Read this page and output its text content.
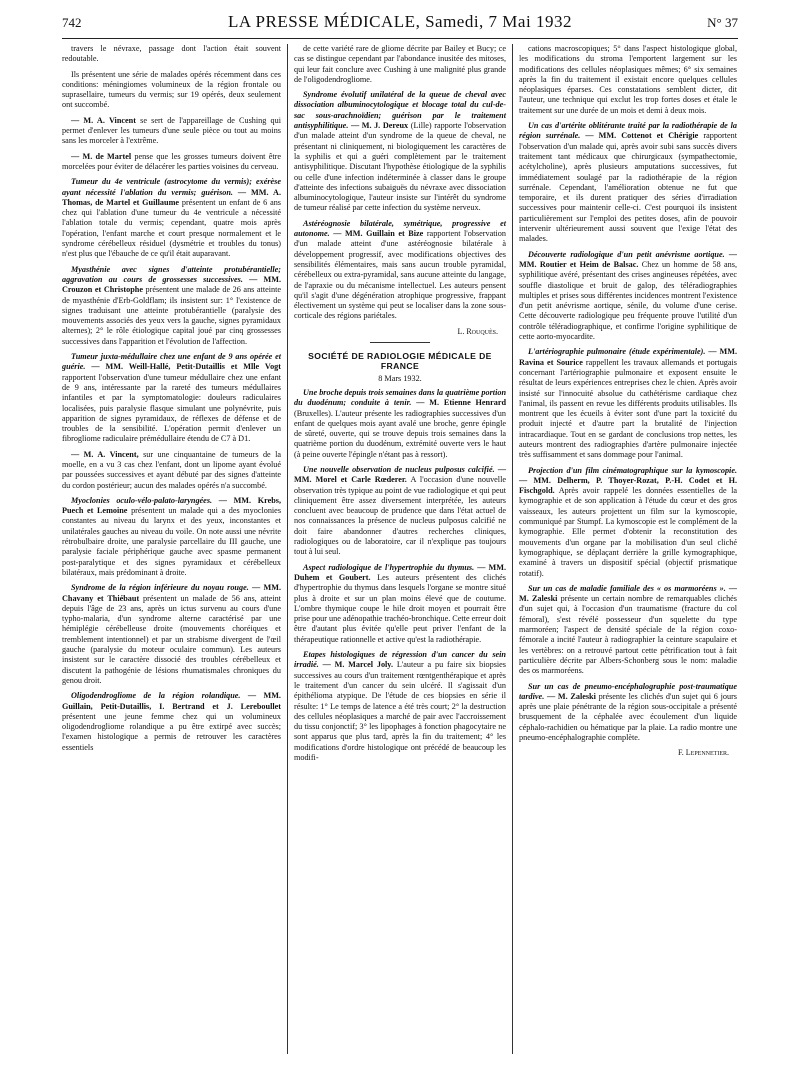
742	LA PRESSE MÉDICALE, Samedi, 7 Mai 1932	N° 37

travers le névraxe, passage dont l'action était souvent redoutable.

Ils présentent une série de malades opérés récemment dans ces conditions: méningiomes volumineux de la région frontale ou suprasellaire, tumeurs du vermis; sur 19 opérés, deux seulement ont succombé.

— M. A. Vincent se sert de l'appareillage de Cushing qui permet d'enlever les tumeurs d'une seule pièce ou tout au moins sans les morceler à l'extrême.

— M. de Martel pense que les grosses tumeurs doivent être morcelées pour éviter de délacérer les parties voisines du cerveau.

Tumeur du 4e ventricule (astrocytome du vermis); exérèse ayant nécessité l'ablation du vermis; guérison. — MM. A. Thomas, de Martel et Guillaume présentent un enfant de 6 ans chez qui l'ablation d'une tumeur du 4e ventricule a nécessité l'ablation totale du vermis; cependant, quatre mois après l'opération, l'enfant marche et court presque normalement et le syndrome cérébelleux résiduel (dysmétrie et troubles du tonus) n'est plus que l'ébauche de ce qu'il était auparavant.

Myasthénie avec signes d'atteinte protubérantielle; aggravation au cours de grossesses successives. — MM. Crouzon et Christophe présentent une malade de 26 ans atteinte de myasthénie d'Erb-Goldflam; ils insistent sur: 1° l'existence de signes traduisant une atteinte protubérantielle (paralysie des mouvements associés des yeux vers la gauche, signes pyramidaux alternes); 2° le rôle étiologique capital joué par cinq grossesses successives dans l'apparition et l'évolution de l'affection.

Tumeur juxta-médullaire chez une enfant de 9 ans opérée et guérie. — MM. Weill-Hallé, Petit-Dutaillis et Mlle Vogt rapportent l'observation d'une tumeur médullaire chez une enfant de 9 ans, intéressante par la rareté des tumeurs médullaires infantiles et par la symptomatologie: douleurs radiculaires localisées, puis paralysie flasque simulant une polynévrite, puis apparition de signes pyramidaux, de réflexes de défense et de troubles de la sensibilité. L'opération permit d'enlever un fibrogliome radiculaire prémédullaire étendu de C7 à D1.

— M. A. Vincent, sur une cinquantaine de tumeurs de la moelle, en a vu 3 cas chez l'enfant, dont un lipome ayant évolué par poussées successives et ayant débuté par des signes d'atteinte du cordon postérieur; aucun des malades opérés n'a succombé.

Myoclonies oculo-vélo-palato-laryngées. — MM. Krebs, Puech et Lemoine présentent un malade qui a des myoclonies constantes au niveau du larynx et des yeux, inconstantes et unilatérales gauches au niveau du voile. On note aussi une névrite rétrobulbaire droite, une paralysie parcellaire du III gauche, une paralysie faciale périphérique gauche avec spasme permanent post-paralytique et des signes pyramidaux et cérébelleux bilatéraux, mais prédominant à droite.

Syndrome de la région inférieure du noyau rouge. — MM. Chavany et Thiébaut présentent un malade de 56 ans, atteint depuis l'âge de 23 ans, après un ictus survenu au cours d'une typho-malaria, d'un syndrome alterne caractérisé par une hémiplégie cérébelleuse droite (mouvements choréiques et tremblement intentionnel) et par un strabisme divergent de l'œil gauche (paralysie du moteur oculaire commun). Les auteurs insistent sur le caractère dissocié des troubles cérébelleux et discutent la pathogénie de lésions rhumatismales chroniques du genou droit.

Oligodendrogliome de la région rolandique. — MM. Guillain, Petit-Dutaillis, I. Bertrand et J. Lereboullet présentent une jeune femme chez qui un volumineux oligodendrogliome rolandique a pu être extirpé avec succès; l'examen histologique a permis de retrouver les caractères essentiels

de cette variété rare de gliome décrite par Bailey et Bucy; ce cas se distingue cependant par l'abondance inusitée des mitoses, qui leur fait conclure avec Cushing à une malignité plus grande de l'oligodendrogliome.

Syndrome évolutif unilatéral de la queue de cheval avec dissociation albuminocytologique et blocage total du cul-de-sac sous-arachnoïdien; guérison par le traitement antisyphilitique. — M. J. Dereux (Lille) rapporte l'observation d'un malade atteint d'un syndrome de la queue de cheval, ne présentant ni cliniquement, ni biologiquement les caractères de la syphilis et qui a guéri complètement par le traitement antisyphilitique. Discutant l'hypothèse étiologique de la syphilis ou celle d'une infection indéterminée à classer dans le groupe d'atteinte des infections subaiguës du névraxe avec dissociation albuminocytologique, l'auteur insiste sur l'intérêt du syndrome de tumeur réalisé par cette infection du système nerveux.

Astéréognosie bilatérale, symétrique, progressive et autonome. — MM. Guillain et Bize rapportent l'observation d'un malade atteint d'une astéréognosie bilatérale à développement progressif, avec modifications objectives des sensibilités élémentaires, mais sans aucun trouble pyramidal, cérébelleux ou extra-pyramidal, sans aucune atteinte du langage, de l'apraxie ou du mécanisme intellectuel. Les auteurs pensent qu'il s'agit d'une dégénération atrophique progressive, frappant électivement un système qui peut se localiser dans la zone sous-corticale des régions pariétales.

L. Rouquès.
SOCIÉTÉ DE RADIOLOGIE MÉDICALE DE FRANCE
8 Mars 1932.

Une broche depuis trois semaines dans la quatrième portion du duodénum; conduite à tenir. — M. Etienne Henrard (Bruxelles). L'auteur présente les radiographies successives d'un enfant de quelques mois ayant avalé une broche, genre épingle de sûreté, ouverte, qui se trouve depuis trois semaines dans la quatrième portion du duodénum, extrémité ouverte vers le haut (à peine ouverte l'épingle n'étant pas à ressort).

Une nouvelle observation de nucleus pulposus calcifié. — MM. Morel et Carle Rœderer. A l'occasion d'une nouvelle observation très typique au point de vue radiologique et qui peut cliniquement être assez diversement interprétée, les auteurs concluent avec beaucoup de prudence que dans l'état actuel de nos connaissances la présence de nucleus pulposus calcifié ne doit faire abandonner d'autres recherches cliniques, radiologiques ou de laboratoire, car il n'explique pas toujours tout à lui seul.

Aspect radiologique de l'hypertrophie du thymus. — MM. Duhem et Goubert. Les auteurs présentent des clichés d'hypertrophie du thymus dans lesquels l'organe se montre situé plus à droite et sur un plan moins élevé que de coutume. L'ombre thymique coupe le hile droit moyen et pourrait être prise pour une adénopathie trachéo-bronchique. Cette erreur doit être d'autant plus évitée qu'elle peut priver l'enfant de la thérapeutique rationnelle et active qu'est la radiothérapie.

Etapes histologiques de régression d'un cancer du sein irradié. — M. Marcel Joly. L'auteur a pu faire six biopsies successives au cours d'un traitement rœntgenthérapique et après le traitement d'un cancer du sein ulcéré. Il s'agissait d'un épithélioma atypique. De l'étude de ces biopsies en série il résulte: 1° Le temps de latence a été très court; 2° la destruction des cellules néoplasiques a marché de pair avec l'accroissement du tissu conjonctif; 3° les lipophages à fonction phagocytaire ne sont apparus que plus tard, après la fin du traitement; 4° les modifications d'ordre histologique ont précédé de beaucoup les modifi-

cations macroscopiques; 5° dans l'aspect histologique global, les modifications du stroma l'emportent largement sur les modifications des cellules néoplasiques mêmes; 6° six semaines après la fin du traitement il existait encore quelques cellules néoplasiques éparses. Ces constatations semblent dicter, dit l'auteur, une technique qui exclut les trop fortes doses et étale le traitement sur une durée de un mois et demi à deux mois.

Un cas d'artérite oblitérante traité par la radiothérapie de la région surrénale. — MM. Cottenot et Chérigie rapportent l'observation d'un malade qui, après avoir subi sans succès divers traitement tant médicaux que chirurgicaux (sympathectomie, acétylcholine), après plusieurs amputations successives, fut immédiatement soulagé par la radiothérapie de la région surrénale. Cependant, l'amélioration obtenue ne fut que temporaire, et ils durent pratiquer des séries d'irradiation successives pour maintenir celle-ci. C'est pourquoi ils insistent particulièrement sur l'emploi des petites doses, afin de pouvoir intervenir ultérieurement aussi souvent que l'exige l'état des malades.

Découverte radiologique d'un petit anévrisme aortique. — MM. Routier et Heim de Balsac. Chez un homme de 58 ans, syphilitique avéré, présentant des crises angineuses répétées, avec souffle diastolique et bruit de galop, des téléradiographies multiples et prises sous différentes incidences montrent l'existence d'un petit anévrisme aortique, sénile, du volume d'une cerise. Cette découverte radiologique peu fréquente prouve l'utilité d'un contrôle téléradiographique, et confirme l'origine syphilitique de cette aorto-myocardite.

L'artériographie pulmonaire (étude expérimentale). — MM. Ravina et Sourice rappellent les travaux allemands et portugais concernant l'artériographie pulmonaire et exposent ensuite le résultat de leurs expériences entreprises chez le chien. Après avoir insisté sur l'innocuité absolue du cathétérisme cardiaque chez l'animal, ils passent en revue les différents produits utilisables. Ils montrent que les écueils à éviter sont d'une part la toxicité du produit injecté et d'autre part la brutalité de l'injection intracardiaque. Tout en se gardant de conclusions trop nettes, les auteurs montrent des radiographies d'artère pulmonaire injectée très suffisamment et sans dommage pour l'animal.

Projection d'un film cinématographique sur la kymoscopie. — MM. Delherm, P. Thoyer-Rozat, P.-H. Codet et H. Fischgold. Après avoir rappelé les données essentielles de la kymographie et de son application à l'étude du cœur et des gros vaisseaux, les auteurs projettent un film sur la kymoscopie, communiqué par Stumpf. La kymoscopie est le complément de la kymographie. Elle permet d'obtenir la reconstitution des mouvements d'un organe par la mobilisation d'un seul cliché kymographique, se déplaçant derrière la grille kymographique, examiné à travers un dispositif spécial (objectif prismatique rotatif).

Sur un cas de maladie familiale des « os marmoréens ». — M. Zaleski présente un certain nombre de remarquables clichés d'un sujet qui, à l'occasion d'un traumatisme (fracture du col fémoral), s'est révélé possesseur d'un squelette du type marmoréen; l'aspect de densité spéciale de la région coxo-fémorale a incité l'auteur à radiographier la ceinture scapulaire et les vertèbres: on a retrouvé partout cette pétrification tout à fait particulière décrite par Albers-Schonberg sous le nom: maladie des os marmoréens.

Sur un cas de pneumo-encéphalographie post-traumatique tardive. — M. Zaleski présente les clichés d'un sujet qui 6 jours après une plaie pénétrante de la région sous-occipitale a présenté brusquement de la céphalée avec écoulement d'un liquide céphalo-rachidien ou hématique par la plaie. La radio montre une pneumo-encéphalographie complète.

F. Lepennetier.
